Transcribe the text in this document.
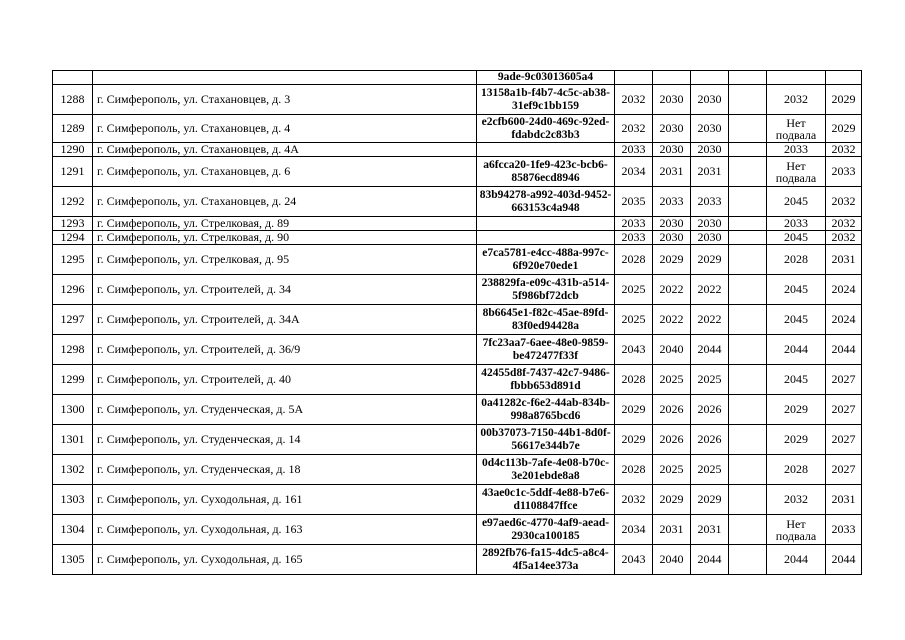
		9ade-9c03013605a4						
1288	г. Симферополь, ул. Стахановцев, д. 3	13158a1b-f4b7-4c5c-ab38-31ef9c1bb159	2032	2030	2030		2032	2029
1289	г. Симферополь, ул. Стахановцев, д. 4	e2cfb600-24d0-469c-92ed-fdabdc2c83b3	2032	2030	2030		Нет подвала	2029
1290	г. Симферополь, ул. Стахановцев, д. 4А		2033	2030	2030		2033	2032
1291	г. Симферополь, ул. Стахановцев, д. 6	a6fcca20-1fe9-423c-bcb6-85876ecd8946	2034	2031	2031		Нет подвала	2033
1292	г. Симферополь, ул. Стахановцев, д. 24	83b94278-a992-403d-9452-663153c4a948	2035	2033	2033		2045	2032
1293	г. Симферополь, ул. Стрелковая, д. 89		2033	2030	2030		2033	2032
1294	г. Симферополь, ул. Стрелковая, д. 90		2033	2030	2030		2045	2032
1295	г. Симферополь, ул. Стрелковая, д. 95	e7ca5781-e4cc-488a-997c-6f920e70ede1	2028	2029	2029		2028	2031
1296	г. Симферополь, ул. Строителей, д. 34	238829fa-e09c-431b-a514-5f986bf72dcb	2025	2022	2022		2045	2024
1297	г. Симферополь, ул. Строителей, д. 34А	8b6645e1-f82c-45ae-89fd-83f0ed94428a	2025	2022	2022		2045	2024
1298	г. Симферополь, ул. Строителей, д. 36/9	7fc23aa7-6aee-48e0-9859-be472477f33f	2043	2040	2044		2044	2044
1299	г. Симферополь, ул. Строителей, д. 40	42455d8f-7437-42c7-9486-fbbb653d891d	2028	2025	2025		2045	2027
1300	г. Симферополь, ул. Студенческая, д. 5А	0a41282c-f6e2-44ab-834b-998a8765bcd6	2029	2026	2026		2029	2027
1301	г. Симферополь, ул. Студенческая, д. 14	00b37073-7150-44b1-8d0f-56617e344b7e	2029	2026	2026		2029	2027
1302	г. Симферополь, ул. Студенческая, д. 18	0d4c113b-7afe-4e08-b70c-3e201ebde8a8	2028	2025	2025		2028	2027
1303	г. Симферополь, ул. Суходольная, д. 161	43ae0c1c-5ddf-4e88-b7e6-d1108847ffce	2032	2029	2029		2032	2031
1304	г. Симферополь, ул. Суходольная, д. 163	e97aed6c-4770-4af9-aead-2930ca100185	2034	2031	2031		Нет подвала	2033
1305	г. Симферополь, ул. Суходольная, д. 165	2892fb76-fa15-4dc5-a8c4-4f5a14ee373a	2043	2040	2044		2044	2044
